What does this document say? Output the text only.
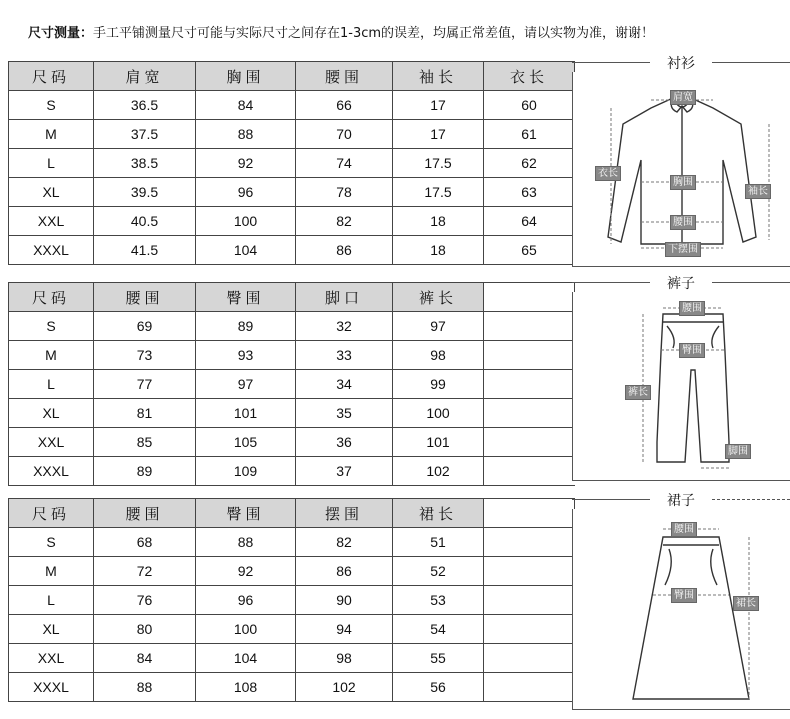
尺寸测量：手工平铺测量尺寸可能与实际尺寸之间存在1-3cm的误差，均属正常差值，请以实物为准，谢谢！
尺码	肩宽	胸围	腰围	袖长	衣长
S	36.5	84	66	17	60
M	37.5	88	70	17	61
L	38.5	92	74	17.5	62
XL	39.5	96	78	17.5	63
XXL	40.5	100	82	18	64
XXXL	41.5	104	86	18	65
尺码	腰围	臀围	脚口	裤长	
S	69	89	32	97	
M	73	93	33	98	
L	77	97	34	99	
XL	81	101	35	100	
XXL	85	105	36	101	
XXXL	89	109	37	102	
尺码	腰围	臀围	摆围	裙长	
S	68	88	82	51	
M	72	92	86	52	
L	76	96	90	53	
XL	80	100	94	54	
XXL	84	104	98	55	
XXXL	88	108	102	56	
衬衫
肩宽
胸围
腰围
下摆围
衣长
袖长
裤子
腰围
臀围
裤长
脚围
裙子
腰围
臀围
裙长
